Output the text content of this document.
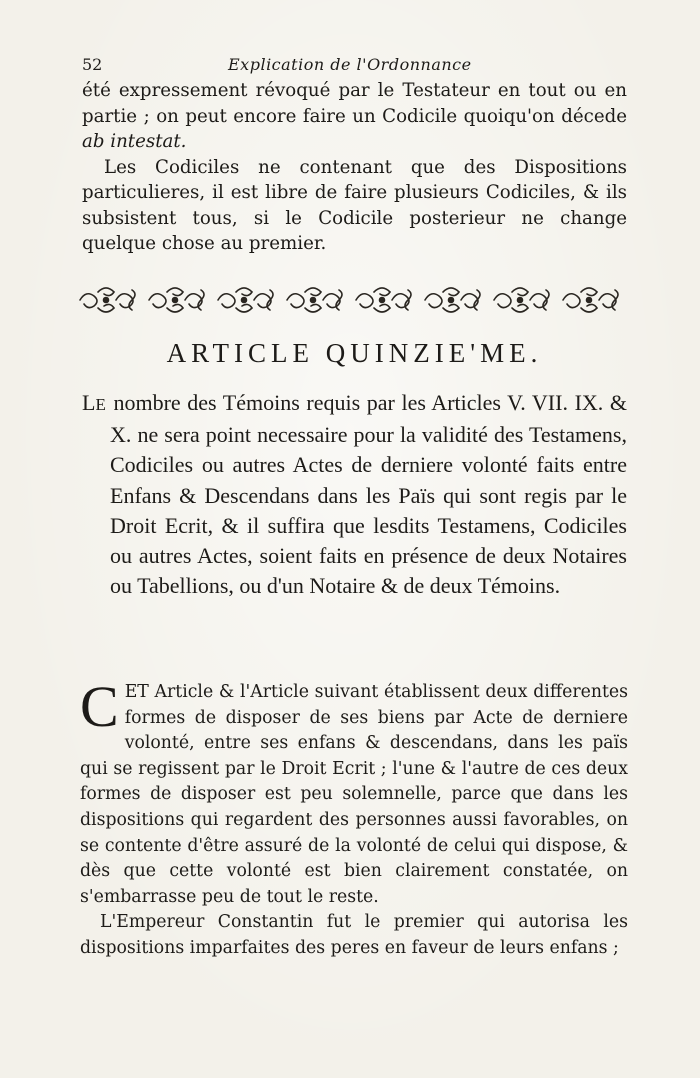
52	Explication de l'Ordonnance

été expressement révoqué par le Testateur en tout ou en partie ; on peut encore faire un Codicile quoiqu'on décede ab intestat.

Les Codiciles ne contenant que des Dispositions particulieres, il est libre de faire plusieurs Codiciles, & ils subsistent tous, si le Codicile posterieur ne change quelque chose au premier.

ARTICLE QUINZIE'ME.

LE nombre des Témoins requis par les Articles V. VII. IX. & X. ne sera point necessaire pour la validité des Testamens, Codiciles ou autres Actes de derniere volonté faits entre Enfans & Descendans dans les Païs qui sont regis par le Droit Ecrit, & il suffira que lesdits Testamens, Codiciles ou autres Actes, soient faits en présence de deux Notaires ou Tabellions, ou d'un Notaire & de deux Témoins.

CET Article & l'Article suivant établissent deux differentes formes de disposer de ses biens par Acte de derniere volonté, entre ses enfans & descendans, dans les païs qui se regissent par le Droit Ecrit ; l'une & l'autre de ces deux formes de disposer est peu solemnelle, parce que dans les dispositions qui regardent des personnes aussi favorables, on se contente d'être assuré de la volonté de celui qui dispose, & dès que cette volonté est bien clairement constatée, on s'embarrasse peu de tout le reste.

L'Empereur Constantin fut le premier qui autorisa les dispositions imparfaites des peres en faveur de leurs enfans ;
